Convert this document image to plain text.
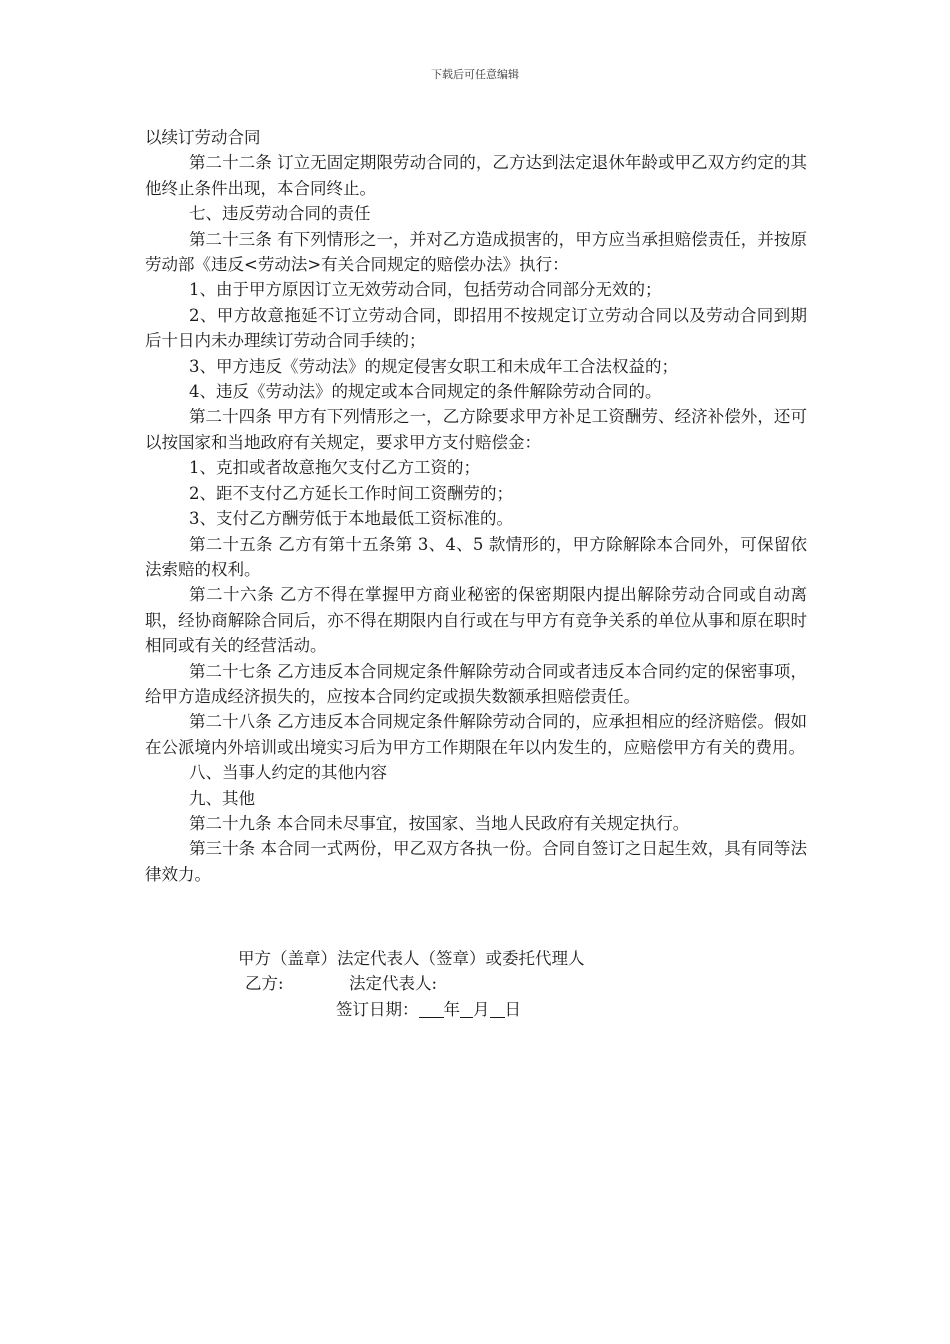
下载后可任意编辑

以续订劳动合同

第二十二条 订立无固定期限劳动合同的，乙方达到法定退休年龄或甲乙双方约定的其他终止条件出现，本合同终止。

七、违反劳动合同的责任

第二十三条 有下列情形之一，并对乙方造成损害的，甲方应当承担赔偿责任，并按原劳动部《违反<劳动法>有关合同规定的赔偿办法》执行：

1、由于甲方原因订立无效劳动合同，包括劳动合同部分无效的；

2、甲方故意拖延不订立劳动合同，即招用不按规定订立劳动合同以及劳动合同到期后十日内未办理续订劳动合同手续的；

3、甲方违反《劳动法》的规定侵害女职工和未成年工合法权益的；

4、违反《劳动法》的规定或本合同规定的条件解除劳动合同的。

第二十四条 甲方有下列情形之一，乙方除要求甲方补足工资酬劳、经济补偿外，还可以按国家和当地政府有关规定，要求甲方支付赔偿金：

1、克扣或者故意拖欠支付乙方工资的；

2、距不支付乙方延长工作时间工资酬劳的；

3、支付乙方酬劳低于本地最低工资标准的。

第二十五条 乙方有第十五条第 3、4、5 款情形的，甲方除解除本合同外，可保留依法索赔的权利。

第二十六条 乙方不得在掌握甲方商业秘密的保密期限内提出解除劳动合同或自动离职，经协商解除合同后，亦不得在期限内自行或在与甲方有竞争关系的单位从事和原在职时相同或有关的经营活动。

第二十七条 乙方违反本合同规定条件解除劳动合同或者违反本合同约定的保密事项，给甲方造成经济损失的，应按本合同约定或损失数额承担赔偿责任。

第二十八条 乙方违反本合同规定条件解除劳动合同的，应承担相应的经济赔偿。假如在公派境内外培训或出境实习后为甲方工作期限在年以内发生的，应赔偿甲方有关的费用。

八、当事人约定的其他内容

九、其他

第二十九条 本合同未尽事宜，按国家、当地人民政府有关规定执行。

第三十条 本合同一式两份，甲乙双方各执一份。合同自签订之日起生效，具有同等法律效力。

甲方（盖章）法定代表人（签章）或委托代理人
乙方:	法定代表人:
签订日期： 年 月 日
